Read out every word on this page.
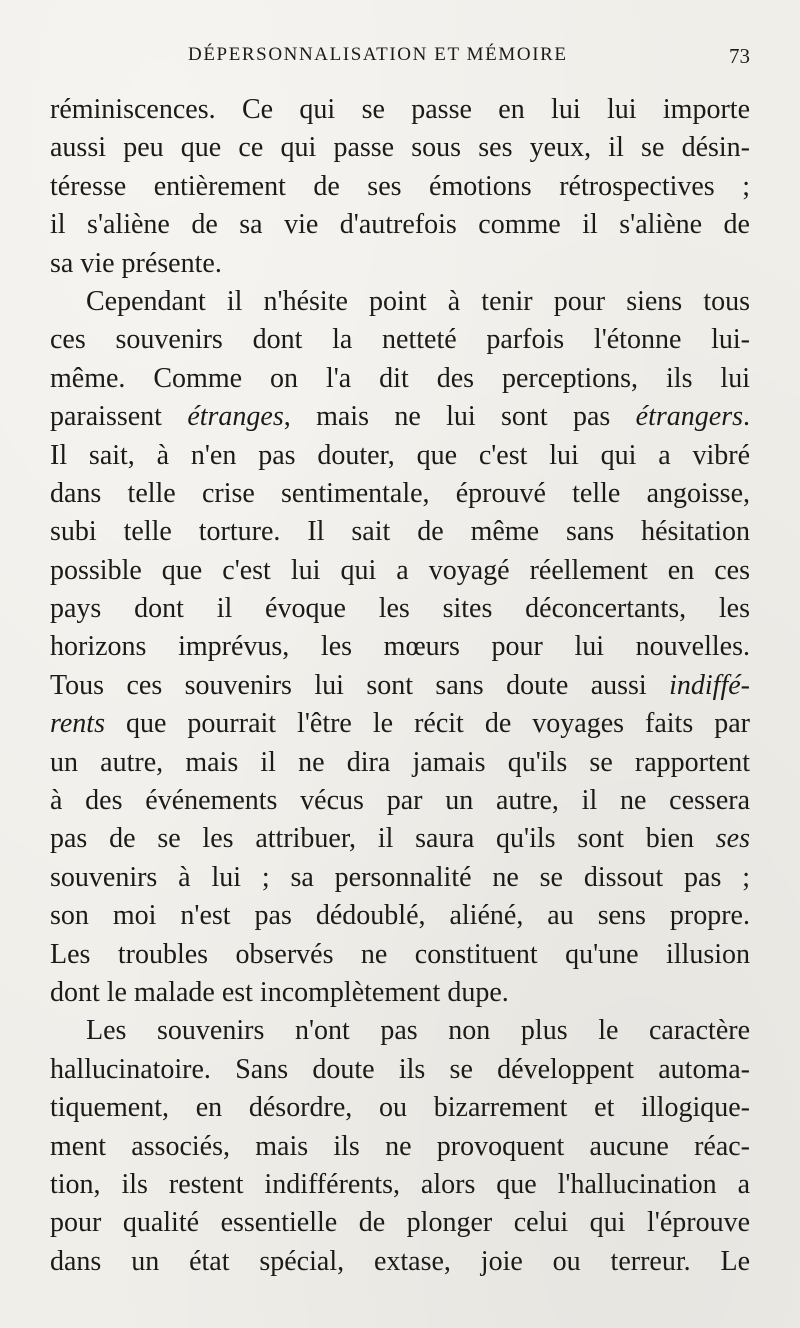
DÉPERSONNALISATION ET MÉMOIRE	73
réminiscences. Ce qui se passe en lui lui importe
aussi peu que ce qui passe sous ses yeux, il se désin-
téresse entièrement de ses émotions rétrospectives ;
il s'aliène de sa vie d'autrefois comme il s'aliène de
sa vie présente.
Cependant il n'hésite point à tenir pour siens tous
ces souvenirs dont la netteté parfois l'étonne lui-
même. Comme on l'a dit des perceptions, ils lui
paraissent étranges, mais ne lui sont pas étrangers.
Il sait, à n'en pas douter, que c'est lui qui a vibré
dans telle crise sentimentale, éprouvé telle angoisse,
subi telle torture. Il sait de même sans hésitation
possible que c'est lui qui a voyagé réellement en ces
pays dont il évoque les sites déconcertants, les
horizons imprévus, les mœurs pour lui nouvelles.
Tous ces souvenirs lui sont sans doute aussi indiffé-
rents que pourrait l'être le récit de voyages faits par
un autre, mais il ne dira jamais qu'ils se rapportent
à des événements vécus par un autre, il ne cessera
pas de se les attribuer, il saura qu'ils sont bien ses
souvenirs à lui ; sa personnalité ne se dissout pas ;
son moi n'est pas dédoublé, aliéné, au sens propre.
Les troubles observés ne constituent qu'une illusion
dont le malade est incomplètement dupe.
Les souvenirs n'ont pas non plus le caractère
hallucinatoire. Sans doute ils se développent automa-
tiquement, en désordre, ou bizarrement et illogique-
ment associés, mais ils ne provoquent aucune réac-
tion, ils restent indifférents, alors que l'hallucination a
pour qualité essentielle de plonger celui qui l'éprouve
dans un état spécial, extase, joie ou terreur. Le
